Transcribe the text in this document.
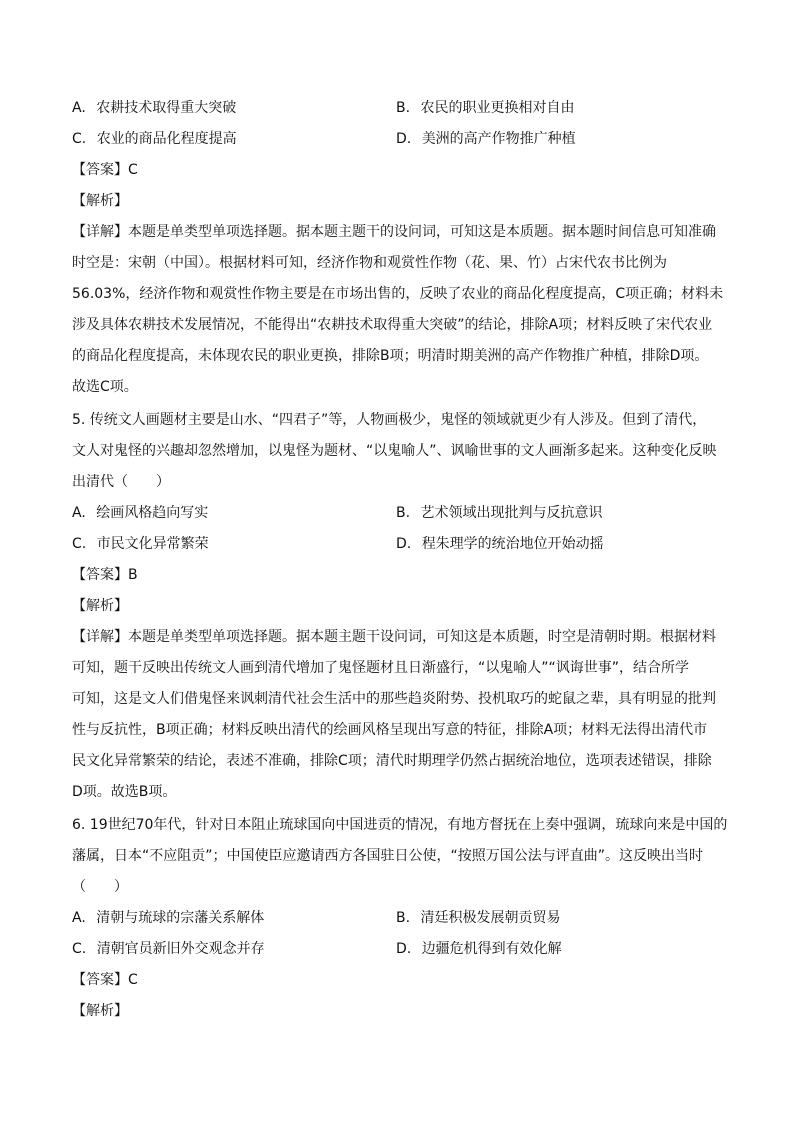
A. 农耕技术取得重大突破	B. 农民的职业更换相对自由
C. 农业的商品化程度提高	D. 美洲的高产作物推广种植
【答案】C
【解析】
【详解】本题是单类型单项选择题。据本题主题干的设问词，可知这是本质题。据本题时间信息可知准确
时空是：宋朝（中国）。根据材料可知，经济作物和观赏性作物（花、果、竹）占宋代农书比例为
56.03%，经济作物和观赏性作物主要是在市场出售的，反映了农业的商品化程度提高，C项正确；材料未
涉及具体农耕技术发展情况，不能得出“农耕技术取得重大突破”的结论，排除A项；材料反映了宋代农业
的商品化程度提高，未体现农民的职业更换，排除B项；明清时期美洲的高产作物推广种植，排除D项。
故选C项。
5. 传统文人画题材主要是山水、“四君子”等，人物画极少，鬼怪的领域就更少有人涉及。但到了清代，
文人对鬼怪的兴趣却忽然增加，以鬼怪为题材、“以鬼喻人”、讽喻世事的文人画渐多起来。这种变化反映
出清代（　　）
A. 绘画风格趋向写实	B. 艺术领域出现批判与反抗意识
C. 市民文化异常繁荣	D. 程朱理学的统治地位开始动摇
【答案】B
【解析】
【详解】本题是单类型单项选择题。据本题主题干设问词，可知这是本质题，时空是清朝时期。根据材料
可知，题干反映出传统文人画到清代增加了鬼怪题材且日渐盛行，“以鬼喻人”“讽诲世事”，结合所学
可知，这是文人们借鬼怪来讽刺清代社会生活中的那些趋炎附势、投机取巧的蛇鼠之辈，具有明显的批判
性与反抗性，B项正确；材料反映出清代的绘画风格呈现出写意的特征，排除A项；材料无法得出清代市
民文化异常繁荣的结论，表述不准确，排除C项；清代时期理学仍然占据统治地位，选项表述错误，排除
D项。故选B项。
6. 19世纪70年代，针对日本阻止琉球国向中国进贡的情况，有地方督抚在上奏中强调，琉球向来是中国的
藩属，日本“不应阻贡”；中国使臣应邀请西方各国驻日公使，“按照万国公法与评直曲”。这反映出当时
（　　）
A. 清朝与琉球的宗藩关系解体	B. 清廷积极发展朝贡贸易
C. 清朝官员新旧外交观念并存	D. 边疆危机得到有效化解
【答案】C
【解析】
